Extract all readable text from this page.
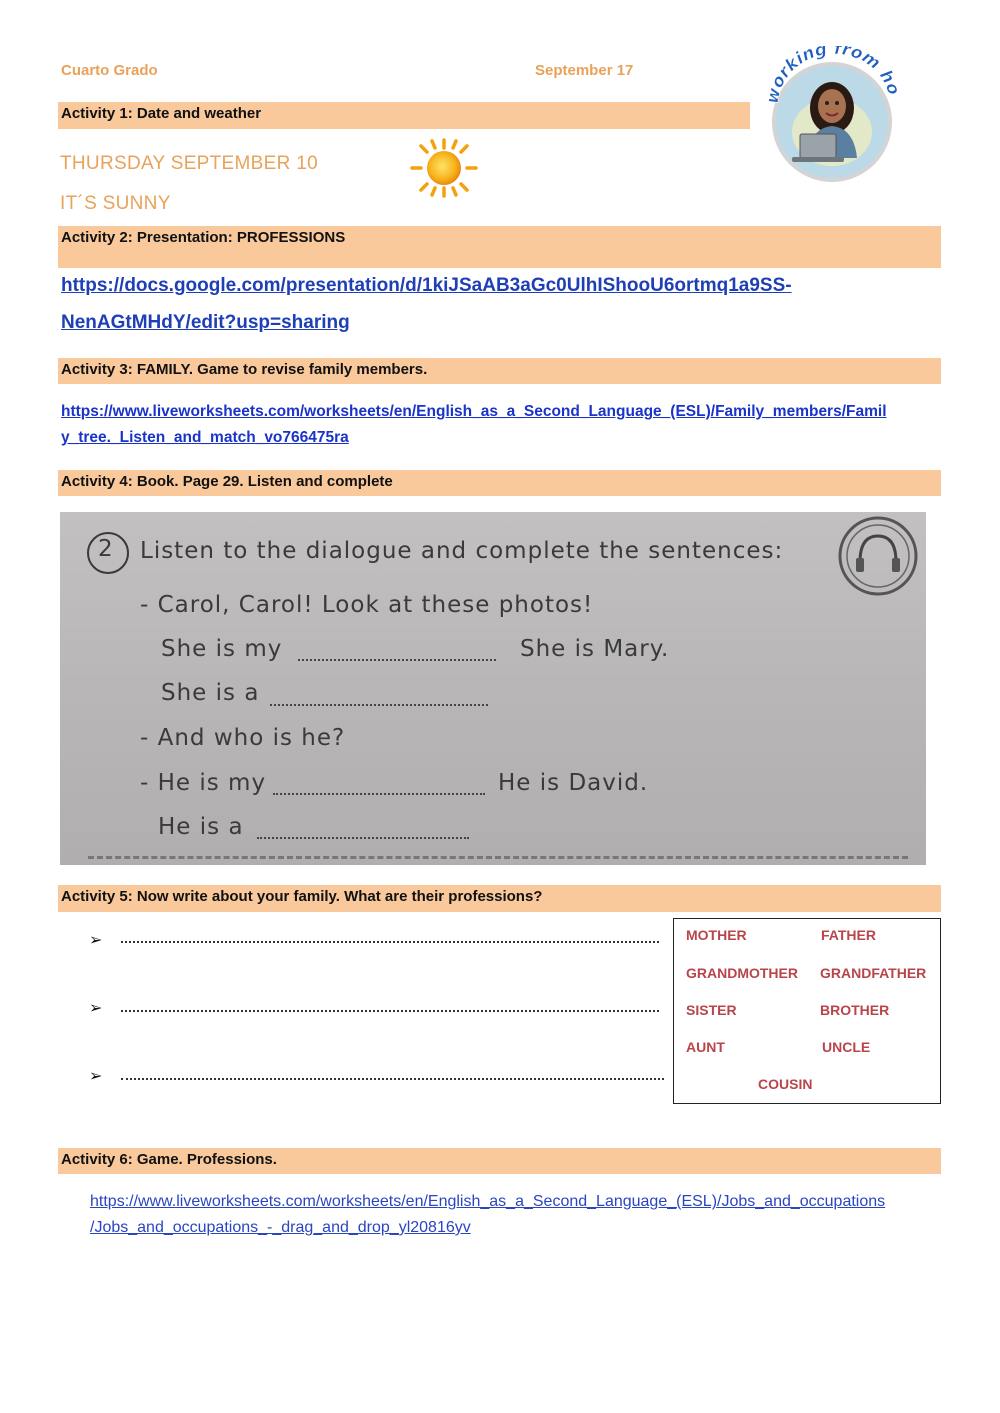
Cuarto Grado	September 17
working from ho
Activity 1: Date and weather
THURSDAY SEPTEMBER 10
IT´S SUNNY
Activity 2: Presentation: PROFESSIONS
https://docs.google.com/presentation/d/1kiJSaAB3aGc0UlhIShooU6ortmq1a9SS-
NenAGtMHdY/edit?usp=sharing
Activity 3: FAMILY. Game to revise family members.
https://www.liveworksheets.com/worksheets/en/English_as_a_Second_Language_(ESL)/Family_members/Famil
y_tree._Listen_and_match_vo766475ra
Activity 4: Book. Page 29. Listen and complete
2 Listen to the dialogue and complete the sentences:
- Carol, Carol! Look at these photos!
She is my	She is Mary.
She is a
- And who is he?
- He is my	He is David.
He is a
Activity 5: Now write about your family. What are their professions?
➢
➢
➢
MOTHER	FATHER
GRANDMOTHER GRANDFATHER
SISTER	BROTHER
AUNT	UNCLE
COUSIN
Activity 6: Game. Professions.
https://www.liveworksheets.com/worksheets/en/English_as_a_Second_Language_(ESL)/Jobs_and_occupations
/Jobs_and_occupations_-_drag_and_drop_yl20816yv
